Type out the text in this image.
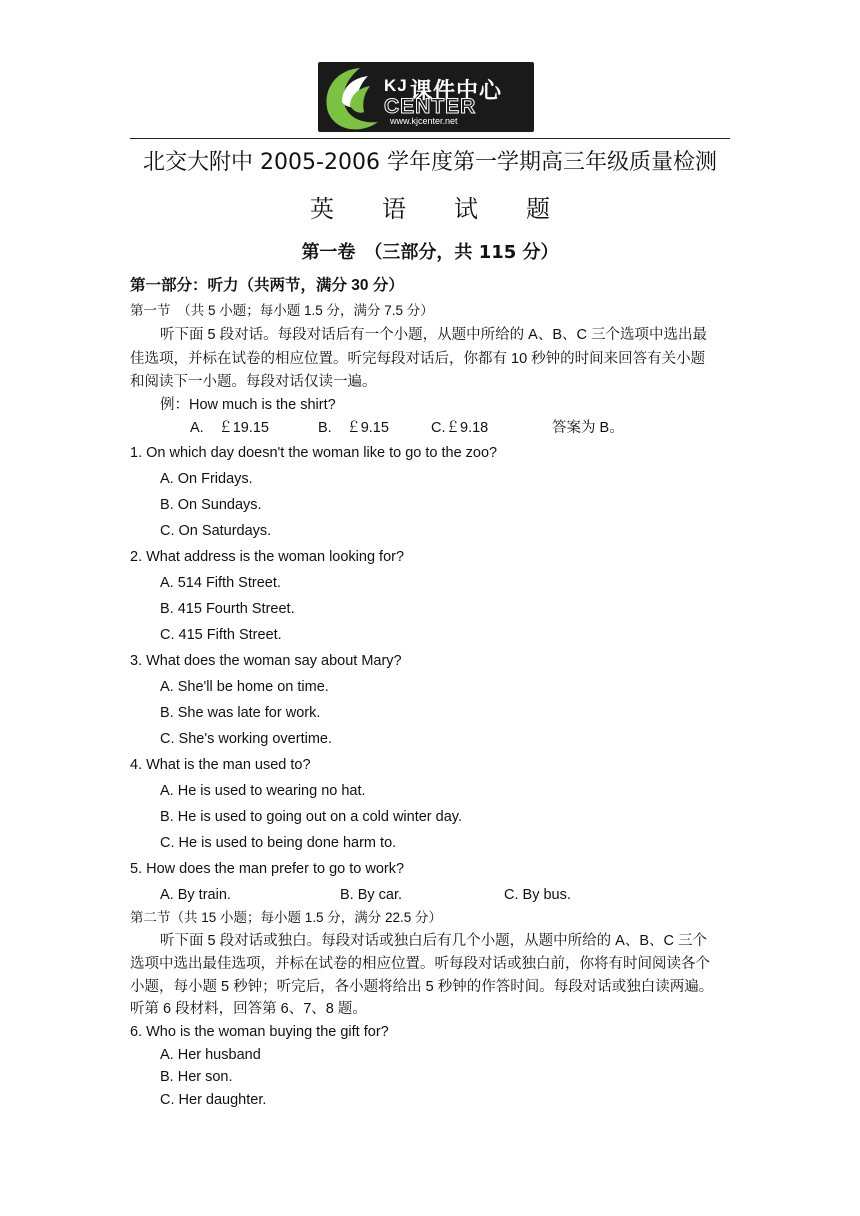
KJ 课件中心
CENTER
www.kjcenter.net
北交大附中 2005-2006 学年度第一学期高三年级质量检测
英　　语　　试　　题
第一卷　（三部分，共 115 分）
第一部分：听力（共两节，满分 30 分）
第一节　（共 5 小题；每小题 1.5 分，满分 7.5 分）
听下面 5 段对话。每段对话后有一个小题，从题中所给的 A、B、C 三个选项中选出最
佳选项，并标在试卷的相应位置。听完每段对话后，你都有 10 秒钟的时间来回答有关小题
和阅读下一小题。每段对话仅读一遍。
例：How much is the shirt?
A.　￡19.15	B.　￡9.15	C.￡9.18	答案为 B。
1. On which day doesn't the woman like to go to the zoo?
A. On Fridays.
B. On Sundays.
C. On Saturdays.
2. What address is the woman looking for?
A. 514 Fifth Street.
B. 415 Fourth Street.
C. 415 Fifth Street.
3. What does the woman say about Mary?
A. She'll be home on time.
B. She was late for work.
C. She's working overtime.
4. What is the man used to?
A. He is used to wearing no hat.
B. He is used to going out on a cold winter day.
C. He is used to being done harm to.
5. How does the man prefer to go to work?
A. By train.	B. By car.	C. By bus.
第二节（共 15 小题；每小题 1.5 分，满分 22.5 分）
听下面 5 段对话或独白。每段对话或独白后有几个小题，从题中所给的 A、B、C 三个
选项中选出最佳选项，并标在试卷的相应位置。听每段对话或独白前，你将有时间阅读各个
小题，每小题 5 秒钟；听完后，各小题将给出 5 秒钟的作答时间。每段对话或独白读两遍。
听第 6 段材料，回答第 6、7、8 题。
6. Who is the woman buying the gift for?
A. Her husband
B. Her son.
C. Her daughter.
